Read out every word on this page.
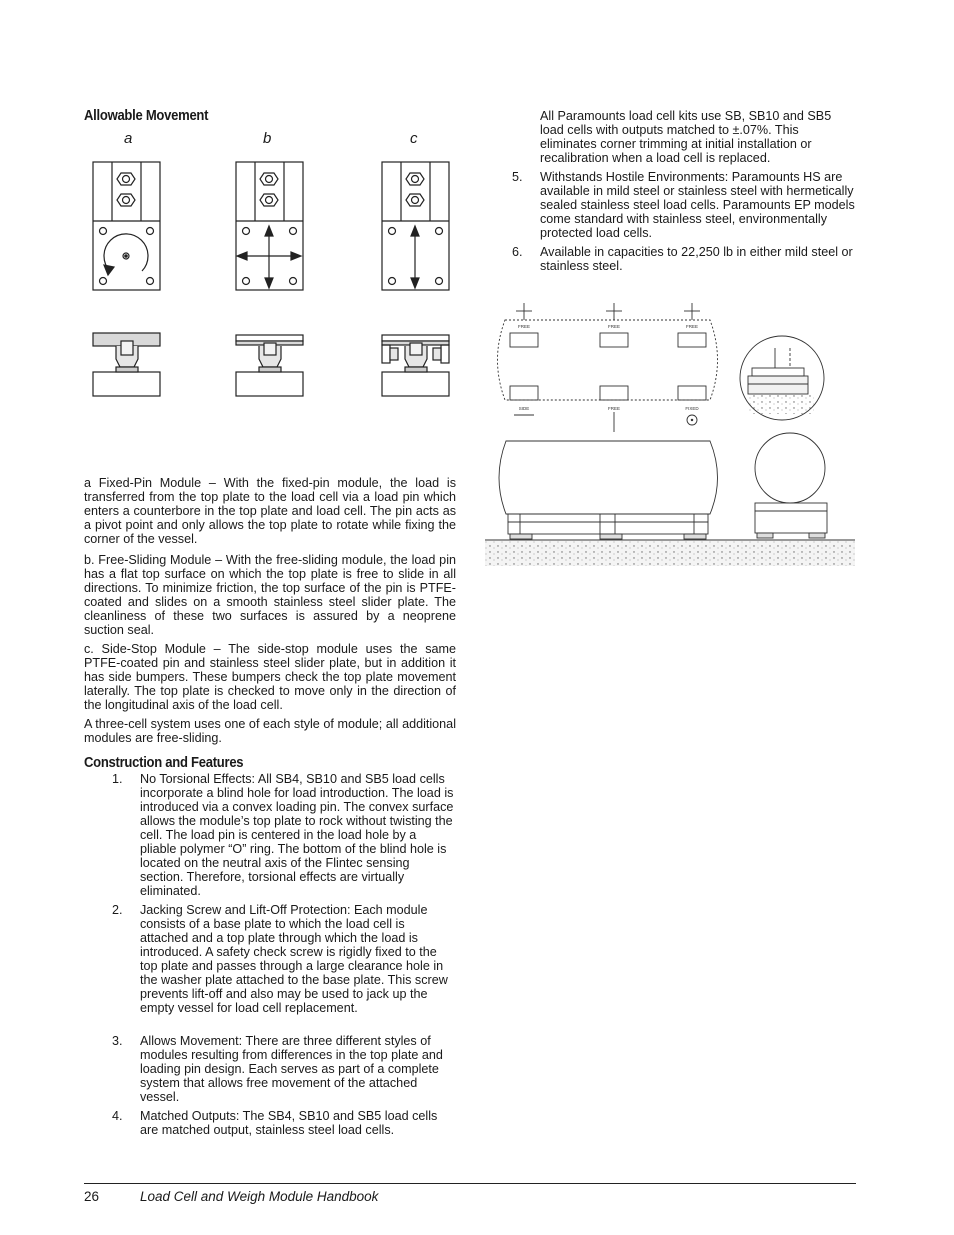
Allowable Movement
a	b	c

a Fixed-Pin Module – With the fixed-pin module, the load is transferred from the top plate to the load cell via a load pin which enters a counterbore in the top plate and load cell. The pin acts as a pivot point and only allows the top plate to rotate while fixing the corner of the vessel.

b. Free-Sliding Module – With the free-sliding module, the load pin has a flat top surface on which the top plate is free to slide in all directions. To minimize friction, the top surface of the pin is PTFE-coated and slides on a smooth stainless steel slider plate. The cleanliness of these two surfaces is assured by a neoprene suction seal.

c. Side-Stop Module – The side-stop module uses the same PTFE-coated pin and stainless steel slider plate, but in addition it has side bumpers. These bumpers check the top plate movement laterally. The top plate is checked to move only in the direction of the longitudinal axis of the load cell.

A three-cell system uses one of each style of module; all additional modules are free-sliding.

Construction and Features
1. No Torsional Effects: All SB4, SB10 and SB5 load cells incorporate a blind hole for load introduction. The load is introduced via a convex loading pin. The convex surface allows the module’s top plate to rock without twisting the cell. The load pin is centered in the load hole by a pliable polymer “O” ring. The bottom of the blind hole is located on the neutral axis of the Flintec sensing section. Therefore, torsional effects are virtually eliminated.

2. Jacking Screw and Lift-Off Protection: Each module consists of a base plate to which the load cell is attached and a top plate through which the load is introduced. A safety check screw is rigidly fixed to the top plate and passes through a large clearance hole in the washer plate attached to the base plate. This screw prevents lift-off and also may be used to jack up the empty vessel for load cell replacement.

3. Allows Movement: There are three different styles of modules resulting from differences in the top plate and loading pin design. Each serves as part of a complete system that allows free movement of the attached vessel.

4. Matched Outputs: The SB4, SB10 and SB5 load cells are matched output, stainless steel load cells.

All Paramounts load cell kits use SB, SB10 and SB5 load cells with outputs matched to ±.07%. This eliminates corner trimming at initial installation or recalibration when a load cell is replaced.

5. Withstands Hostile Environments: Paramounts HS are available in mild steel or stainless steel with hermetically sealed stainless steel load cells. Paramounts EP models come standard with stainless steel, environmentally protected load cells.

6. Available in capacities to 22,250 lb in either mild steel or stainless steel.

FREE	FREE	FREE
SIDE	FREE	FIXED
26	Load Cell and Weigh Module Handbook
